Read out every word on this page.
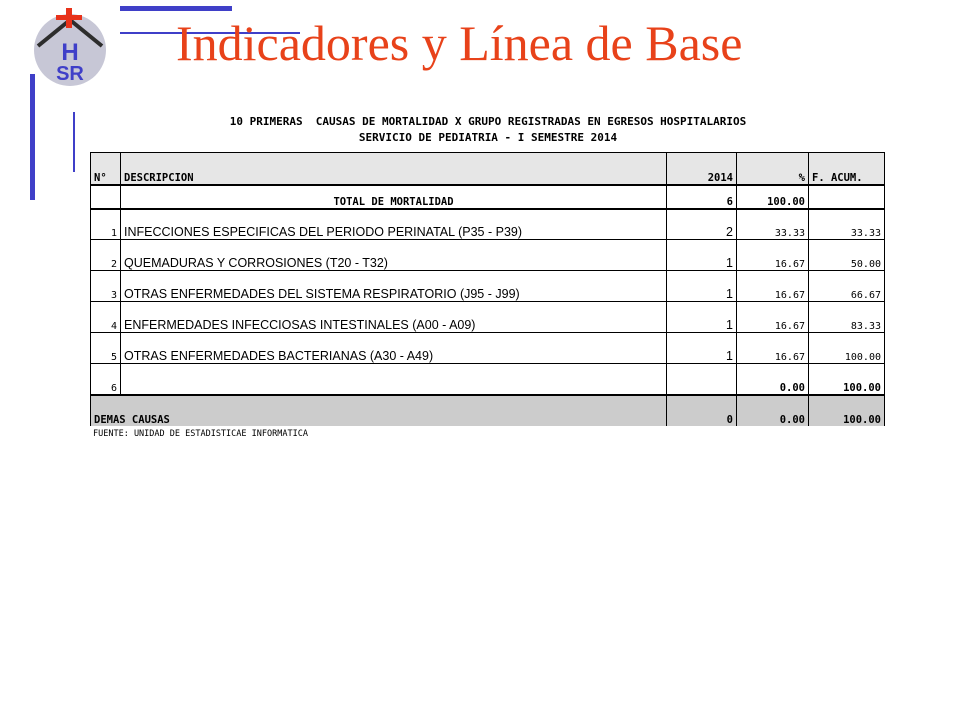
H
SR
Indicadores y Línea de Base
10 PRIMERAS  CAUSAS DE MORTALIDAD X GRUPO REGISTRADAS EN EGRESOS HOSPITALARIOS
SERVICIO DE PEDIATRIA - I SEMESTRE 2014
N°	DESCRIPCION	2014	%	F. ACUM.
	TOTAL DE MORTALIDAD	6	100.00	
1	INFECCIONES ESPECIFICAS DEL PERIODO PERINATAL (P35 - P39)	2	33.33	33.33
2	QUEMADURAS Y CORROSIONES (T20 - T32)	1	16.67	50.00
3	OTRAS ENFERMEDADES DEL SISTEMA RESPIRATORIO (J95 - J99)	1	16.67	66.67
4	ENFERMEDADES INFECCIOSAS INTESTINALES (A00 - A09)	1	16.67	83.33
5	OTRAS ENFERMEDADES BACTERIANAS (A30 - A49)	1	16.67	100.00
6			0.00	100.00
DEMAS CAUSAS		0	0.00	100.00
FUENTE: UNIDAD DE ESTADISTICAE INFORMATICA
